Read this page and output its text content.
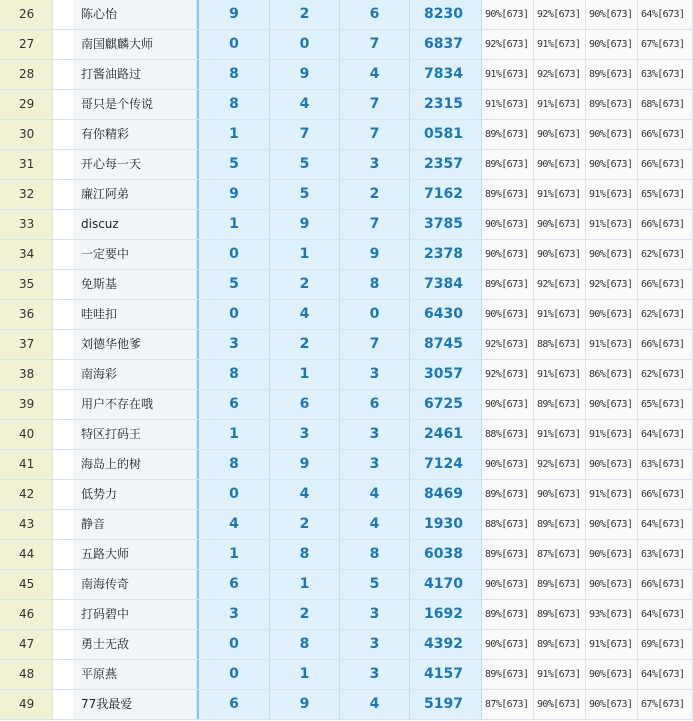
26	陈心怡	9	2	6	8230	90%[673] 92%[673] 90%[673] 64%[673]
27	南国麒麟大师	0	0	7	6837	92%[673] 91%[673] 90%[673] 67%[673]
28	打酱油路过	8	9	4	7834	91%[673] 92%[673] 89%[673] 63%[673]
29	哥只是个传说	8	4	7	2315	91%[673] 91%[673] 89%[673] 68%[673]
30	有你精彩	1	7	7	0581	89%[673] 90%[673] 90%[673] 66%[673]
31	开心每一天	5	5	3	2357	89%[673] 90%[673] 90%[673] 66%[673]
32	廉江阿弟	9	5	2	7162	89%[673] 91%[673] 91%[673] 65%[673]
33	discuz	1	9	7	3785	90%[673] 90%[673] 91%[673] 66%[673]
34	一定要中	0	1	9	2378	90%[673] 90%[673] 90%[673] 62%[673]
35	免斯基	5	2	8	7384	89%[673] 92%[673] 92%[673] 66%[673]
36	哇哇扣	0	4	0	6430	90%[673] 91%[673] 90%[673] 62%[673]
37	刘德华他爹	3	2	7	8745	92%[673] 88%[673] 91%[673] 66%[673]
38	南海彩	8	1	3	3057	92%[673] 91%[673] 86%[673] 62%[673]
39	用户不存在哦	6	6	6	6725	90%[673] 89%[673] 90%[673] 65%[673]
40	特区打码王	1	3	3	2461	88%[673] 91%[673] 91%[673] 64%[673]
41	海岛上的树	8	9	3	7124	90%[673] 92%[673] 90%[673] 63%[673]
42	低势力	0	4	4	8469	89%[673] 90%[673] 91%[673] 66%[673]
43	静音	4	2	4	1930	88%[673] 89%[673] 90%[673] 64%[673]
44	五路大师	1	8	8	6038	89%[673] 87%[673] 90%[673] 63%[673]
45	南海传奇	6	1	5	4170	90%[673] 89%[673] 90%[673] 66%[673]
46	打码碧中	3	2	3	1692	89%[673] 89%[673] 93%[673] 64%[673]
47	勇士无敌	0	8	3	4392	90%[673] 89%[673] 91%[673] 69%[673]
48	平原燕	0	1	3	4157	89%[673] 91%[673] 90%[673] 64%[673]
49	77我最爱	6	9	4	5197	87%[673] 90%[673] 90%[673] 67%[673]
